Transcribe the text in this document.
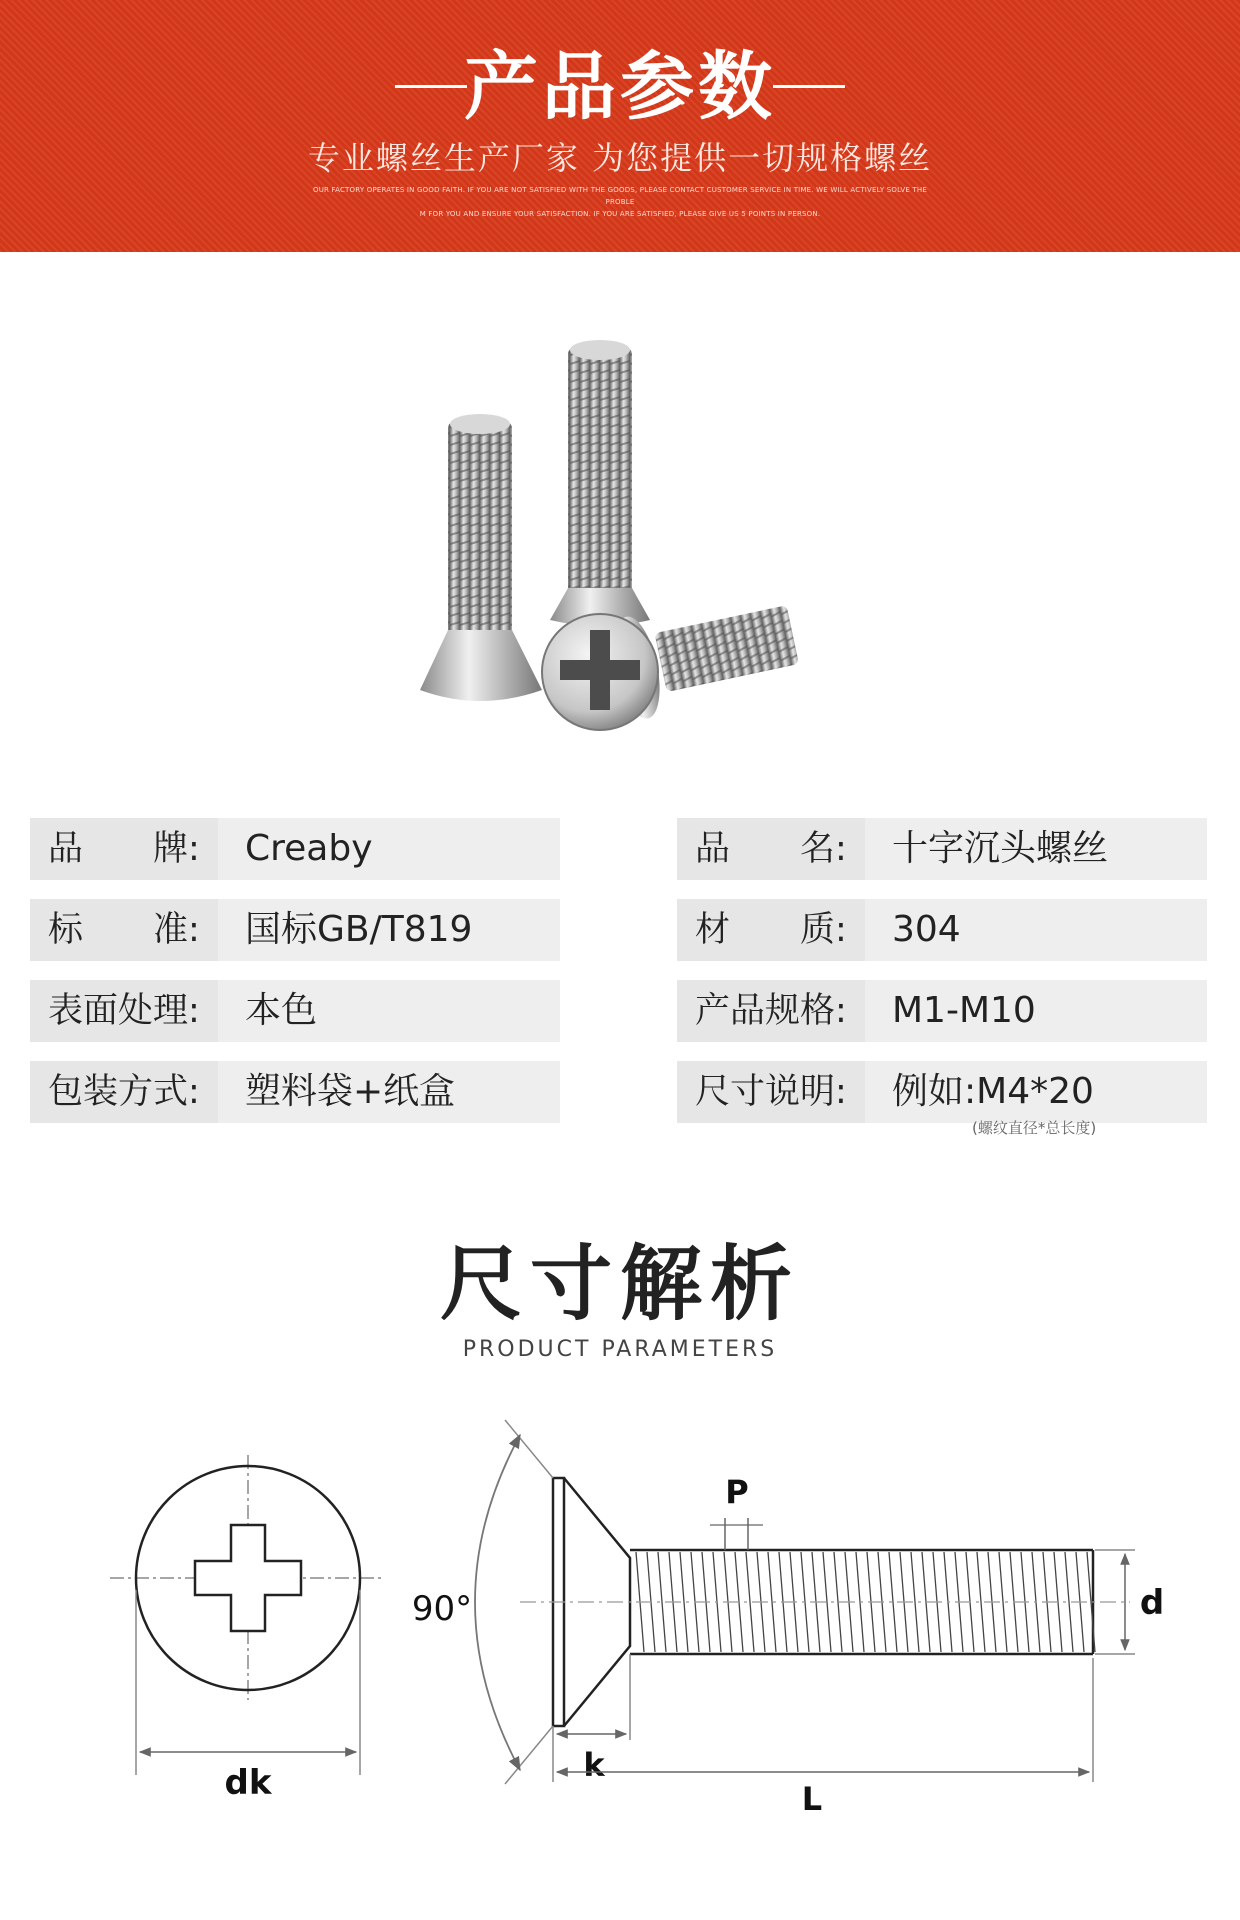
产品参数
专业螺丝生产厂家 为您提供一切规格螺丝
OUR FACTORY OPERATES IN GOOD FAITH. IF YOU ARE NOT SATISFIED WITH THE GOODS, PLEASE CONTACT CUSTOMER SERVICE IN TIME. WE WILL ACTIVELY SOLVE THE PROBLE
M FOR YOU AND ENSURE YOUR SATISFACTION. IF YOU ARE SATISFIED, PLEASE GIVE US 5 POINTS IN PERSON.
品　　牌:	Creaby	品　　名:	十字沉头螺丝
标　　准:	国标GB/T819	材　　质:	304
表面处理:	本色	产品规格:	M1-M10
包装方式:	塑料袋+纸盒	尺寸说明:	例如:M4*20
(螺纹直径*总长度)
尺寸解析
PRODUCT PARAMETERS
dk
90°
P
d
k
L
